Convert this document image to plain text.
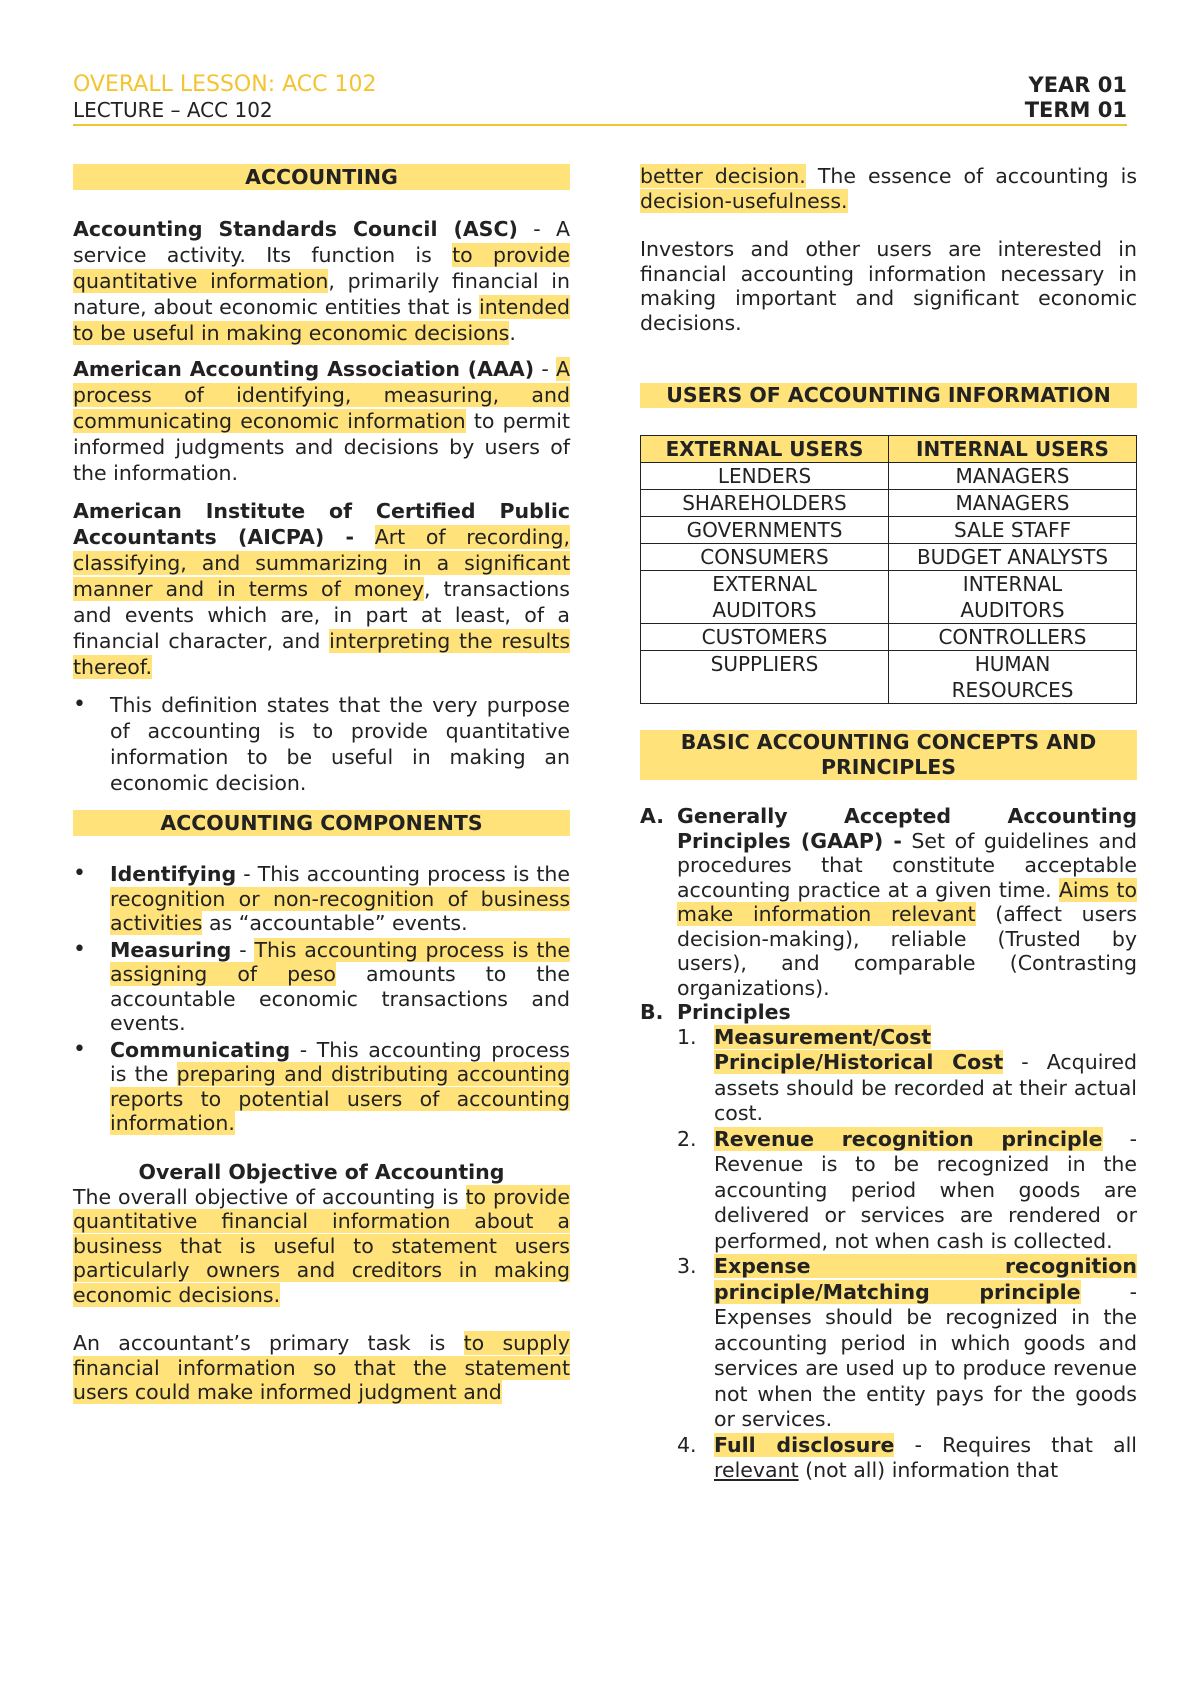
OVERALL LESSON: ACC 102
LECTURE – ACC 102
YEAR 01
TERM 01
ACCOUNTING

Accounting Standards Council (ASC) - A service activity. Its function is to provide quantitative information, primarily financial in nature, about economic entities that is intended to be useful in making economic decisions.

American Accounting Association (AAA) - A process of identifying, measuring, and communicating economic information to permit informed judgments and decisions by users of the information.

American Institute of Certified Public Accountants (AICPA) - Art of recording, classifying, and summarizing in a significant manner and in terms of money, transactions and events which are, in part at least, of a financial character, and interpreting the results thereof.

• This definition states that the very purpose of accounting is to provide quantitative information to be useful in making an economic decision.
ACCOUNTING COMPONENTS
• Identifying - This accounting process is the recognition or non-recognition of business activities as “accountable” events.
• Measuring - This accounting process is the assigning of peso amounts to the accountable economic transactions and events.
• Communicating - This accounting process is the preparing and distributing accounting reports to potential users of accounting information.
Overall Objective of Accounting

The overall objective of accounting is to provide quantitative financial information about a business that is useful to statement users particularly owners and creditors in making economic decisions.

An accountant’s primary task is to supply financial information so that the statement users could make informed judgment and

better decision. The essence of accounting is decision-usefulness.

Investors and other users are interested in financial accounting information necessary in making important and significant economic decisions.

USERS OF ACCOUNTING INFORMATION
EXTERNAL USERS	INTERNAL USERS
LENDERS	MANAGERS
SHAREHOLDERS	MANAGERS
GOVERNMENTS	SALE STAFF
CONSUMERS	BUDGET ANALYSTS
EXTERNAL AUDITORS	INTERNAL AUDITORS
CUSTOMERS	CONTROLLERS
SUPPLIERS	HUMAN RESOURCES
BASIC ACCOUNTING CONCEPTS AND PRINCIPLES
A. Generally Accepted Accounting Principles (GAAP) - Set of guidelines and procedures that constitute acceptable accounting practice at a given time. Aims to make information relevant (affect users decision-making), reliable (Trusted by users), and comparable (Contrasting organizations).

B. Principles

1. Measurement/Cost Principle/Historical Cost - Acquired assets should be recorded at their actual cost.

2. Revenue recognition principle - Revenue is to be recognized in the accounting period when goods are delivered or services are rendered or performed, not when cash is collected.

3. Expense recognition principle/Matching principle - Expenses should be recognized in the accounting period in which goods and services are used up to produce revenue not when the entity pays for the goods or services.

4. Full disclosure - Requires that all relevant (not all) information that
